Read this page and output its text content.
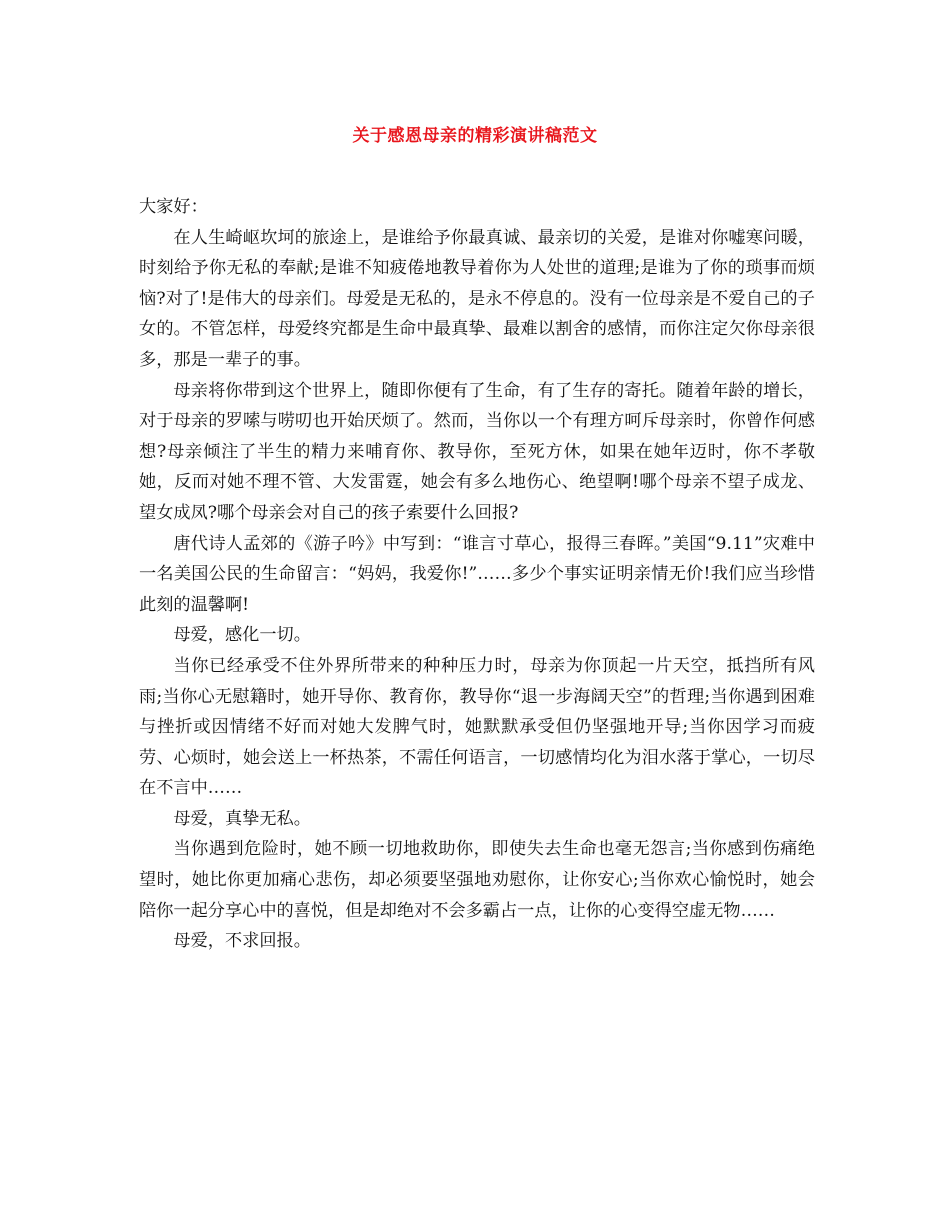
关于感恩母亲的精彩演讲稿范文

大家好：

在人生崎岖坎坷的旅途上，是谁给予你最真诚、最亲切的关爱，是谁对你嘘寒问暖，时刻给予你无私的奉献;是谁不知疲倦地教导着你为人处世的道理;是谁为了你的琐事而烦恼?对了!是伟大的母亲们。母爱是无私的，是永不停息的。没有一位母亲是不爱自己的子女的。不管怎样，母爱终究都是生命中最真挚、最难以割舍的感情，而你注定欠你母亲很多，那是一辈子的事。

母亲将你带到这个世界上，随即你便有了生命，有了生存的寄托。随着年龄的增长，对于母亲的罗嗦与唠叨也开始厌烦了。然而，当你以一个有理方呵斥母亲时，你曾作何感想?母亲倾注了半生的精力来哺育你、教导你，至死方休，如果在她年迈时，你不孝敬她，反而对她不理不管、大发雷霆，她会有多么地伤心、绝望啊!哪个母亲不望子成龙、望女成凤?哪个母亲会对自己的孩子索要什么回报?

唐代诗人孟郊的《游子吟》中写到：“谁言寸草心，报得三春晖。”美国“9.11”灾难中一名美国公民的生命留言：“妈妈，我爱你!”……多少个事实证明亲情无价!我们应当珍惜此刻的温馨啊!

母爱，感化一切。

当你已经承受不住外界所带来的种种压力时，母亲为你顶起一片天空，抵挡所有风雨;当你心无慰籍时，她开导你、教育你，教导你“退一步海阔天空”的哲理;当你遇到困难与挫折或因情绪不好而对她大发脾气时，她默默承受但仍坚强地开导;当你因学习而疲劳、心烦时，她会送上一杯热茶，不需任何语言，一切感情均化为泪水落于掌心，一切尽在不言中……

母爱，真挚无私。

当你遇到危险时，她不顾一切地救助你，即使失去生命也毫无怨言;当你感到伤痛绝望时，她比你更加痛心悲伤，却必须要坚强地劝慰你，让你安心;当你欢心愉悦时，她会陪你一起分享心中的喜悦，但是却绝对不会多霸占一点，让你的心变得空虚无物……

母爱，不求回报。
